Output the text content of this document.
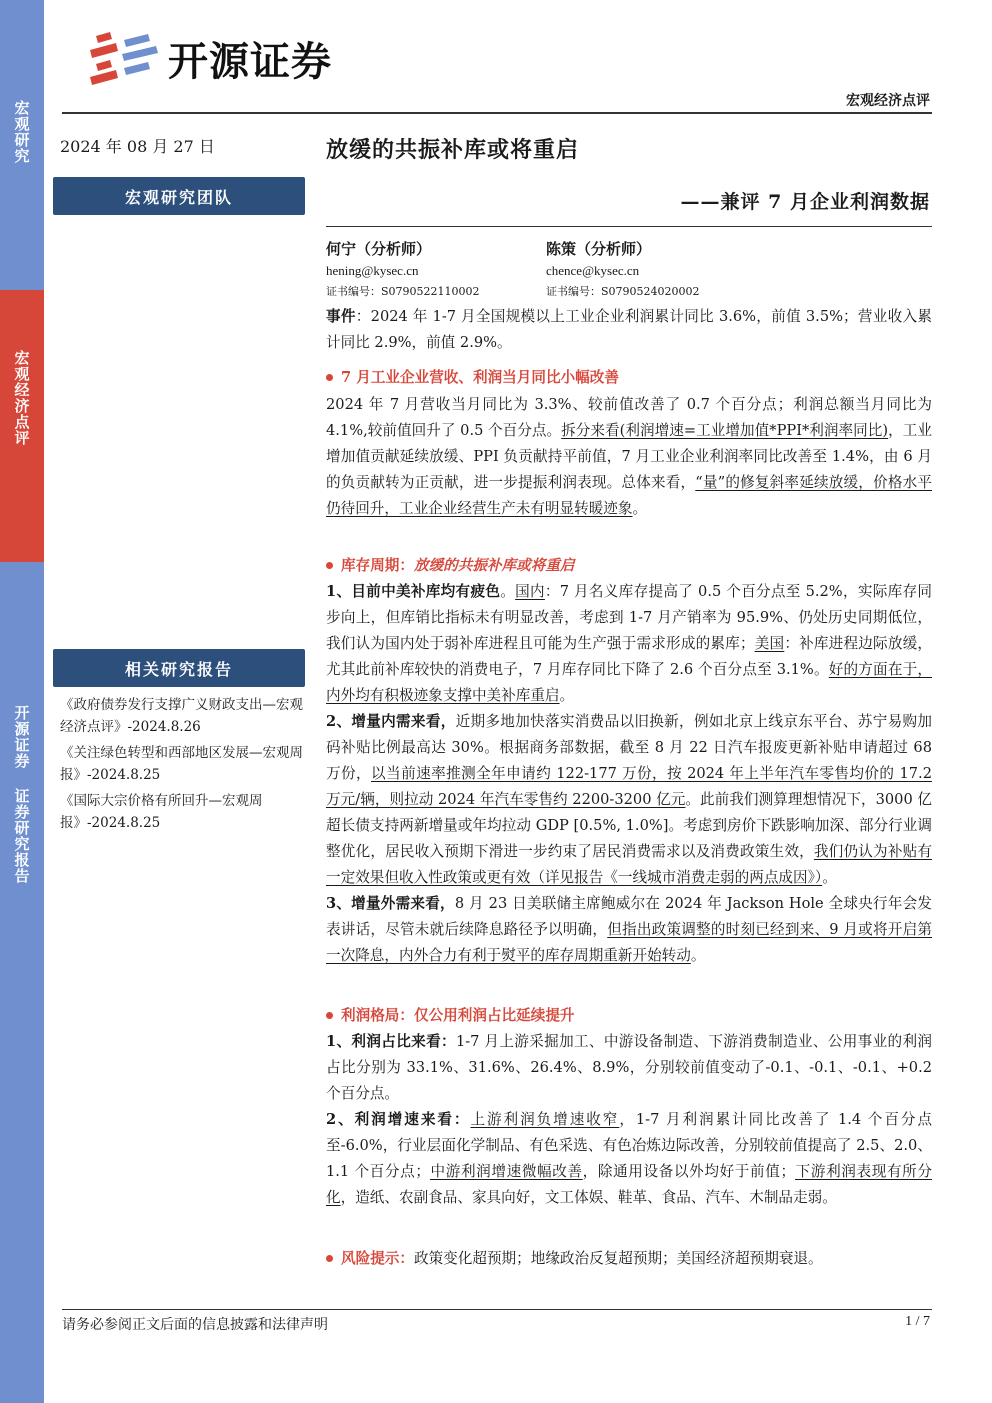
宏观研究
宏观经济点评
开源证券 证券研究报告
开源证券
宏观经济点评
2024 年 08 月 27 日
宏观研究团队
相关研究报告

《政府债券发行支撑广义财政支出—宏观经济点评》-2024.8.26

《关注绿色转型和西部地区发展—宏观周报》-2024.8.25

《国际大宗价格有所回升—宏观周报》-2024.8.25

放缓的共振补库或将重启
——兼评 7 月企业利润数据
何宁（分析师）
hening@kysec.cn
证书编号：S0790522110002
陈策（分析师）
chence@kysec.cn
证书编号：S0790524020002

事件：2024 年 1-7 月全国规模以上工业企业利润累计同比 3.6%，前值 3.5%；营业收入累计同比 2.9%，前值 2.9%。

7 月工业企业营收、利润当月同比小幅改善

2024 年 7 月营收当月同比为 3.3%、较前值改善了 0.7 个百分点；利润总额当月同比为 4.1%,较前值回升了 0.5 个百分点。拆分来看(利润增速=工业增加值*PPI*利润率同比)，工业增加值贡献延续放缓、PPI 负贡献持平前值，7 月工业企业利润率同比改善至 1.4%，由 6 月的负贡献转为正贡献，进一步提振利润表现。总体来看，“量”的修复斜率延续放缓，价格水平仍待回升，工业企业经营生产未有明显转暖迹象。

库存周期：放缓的共振补库或将重启

1、目前中美补库均有疲色。国内：7 月名义库存提高了 0.5 个百分点至 5.2%，实际库存同步向上，但库销比指标未有明显改善，考虑到 1-7 月产销率为 95.9%、仍处历史同期低位，我们认为国内处于弱补库进程且可能为生产强于需求形成的累库；美国：补库进程边际放缓，尤其此前补库较快的消费电子，7 月库存同比下降了 2.6 个百分点至 3.1%。好的方面在于，内外均有积极迹象支撑中美补库重启。

2、增量内需来看，近期多地加快落实消费品以旧换新，例如北京上线京东平台、苏宁易购加码补贴比例最高达 30%。根据商务部数据，截至 8 月 22 日汽车报废更新补贴申请超过 68 万份，以当前速率推测全年申请约 122-177 万份，按 2024 年上半年汽车零售均价的 17.2 万元/辆，则拉动 2024 年汽车零售约 2200-3200 亿元。此前我们测算理想情况下，3000 亿超长债支持两新增量或年均拉动 GDP [0.5%, 1.0%]。考虑到房价下跌影响加深、部分行业调整优化，居民收入预期下滑进一步约束了居民消费需求以及消费政策生效，我们仍认为补贴有一定效果但收入性政策或更有效（详见报告《一线城市消费走弱的两点成因》）。

3、增量外需来看，8 月 23 日美联储主席鲍威尔在 2024 年 Jackson Hole 全球央行年会发表讲话，尽管未就后续降息路径予以明确，但指出政策调整的时刻已经到来、9 月或将开启第一次降息，内外合力有利于熨平的库存周期重新开始转动。

利润格局：仅公用利润占比延续提升

1、利润占比来看：1-7 月上游采掘加工、中游设备制造、下游消费制造业、公用事业的利润占比分别为 33.1%、31.6%、26.4%、8.9%，分别较前值变动了-0.1、-0.1、-0.1、+0.2 个百分点。

2、利润增速来看：上游利润负增速收窄，1-7 月利润累计同比改善了 1.4 个百分点至-6.0%，行业层面化学制品、有色采选、有色冶炼边际改善，分别较前值提高了 2.5、2.0、1.1 个百分点；中游利润增速微幅改善，除通用设备以外均好于前值；下游利润表现有所分化，造纸、农副食品、家具向好，文工体娱、鞋革、食品、汽车、木制品走弱。

风险提示：政策变化超预期；地缘政治反复超预期；美国经济超预期衰退。

请务必参阅正文后面的信息披露和法律声明	1 / 7
